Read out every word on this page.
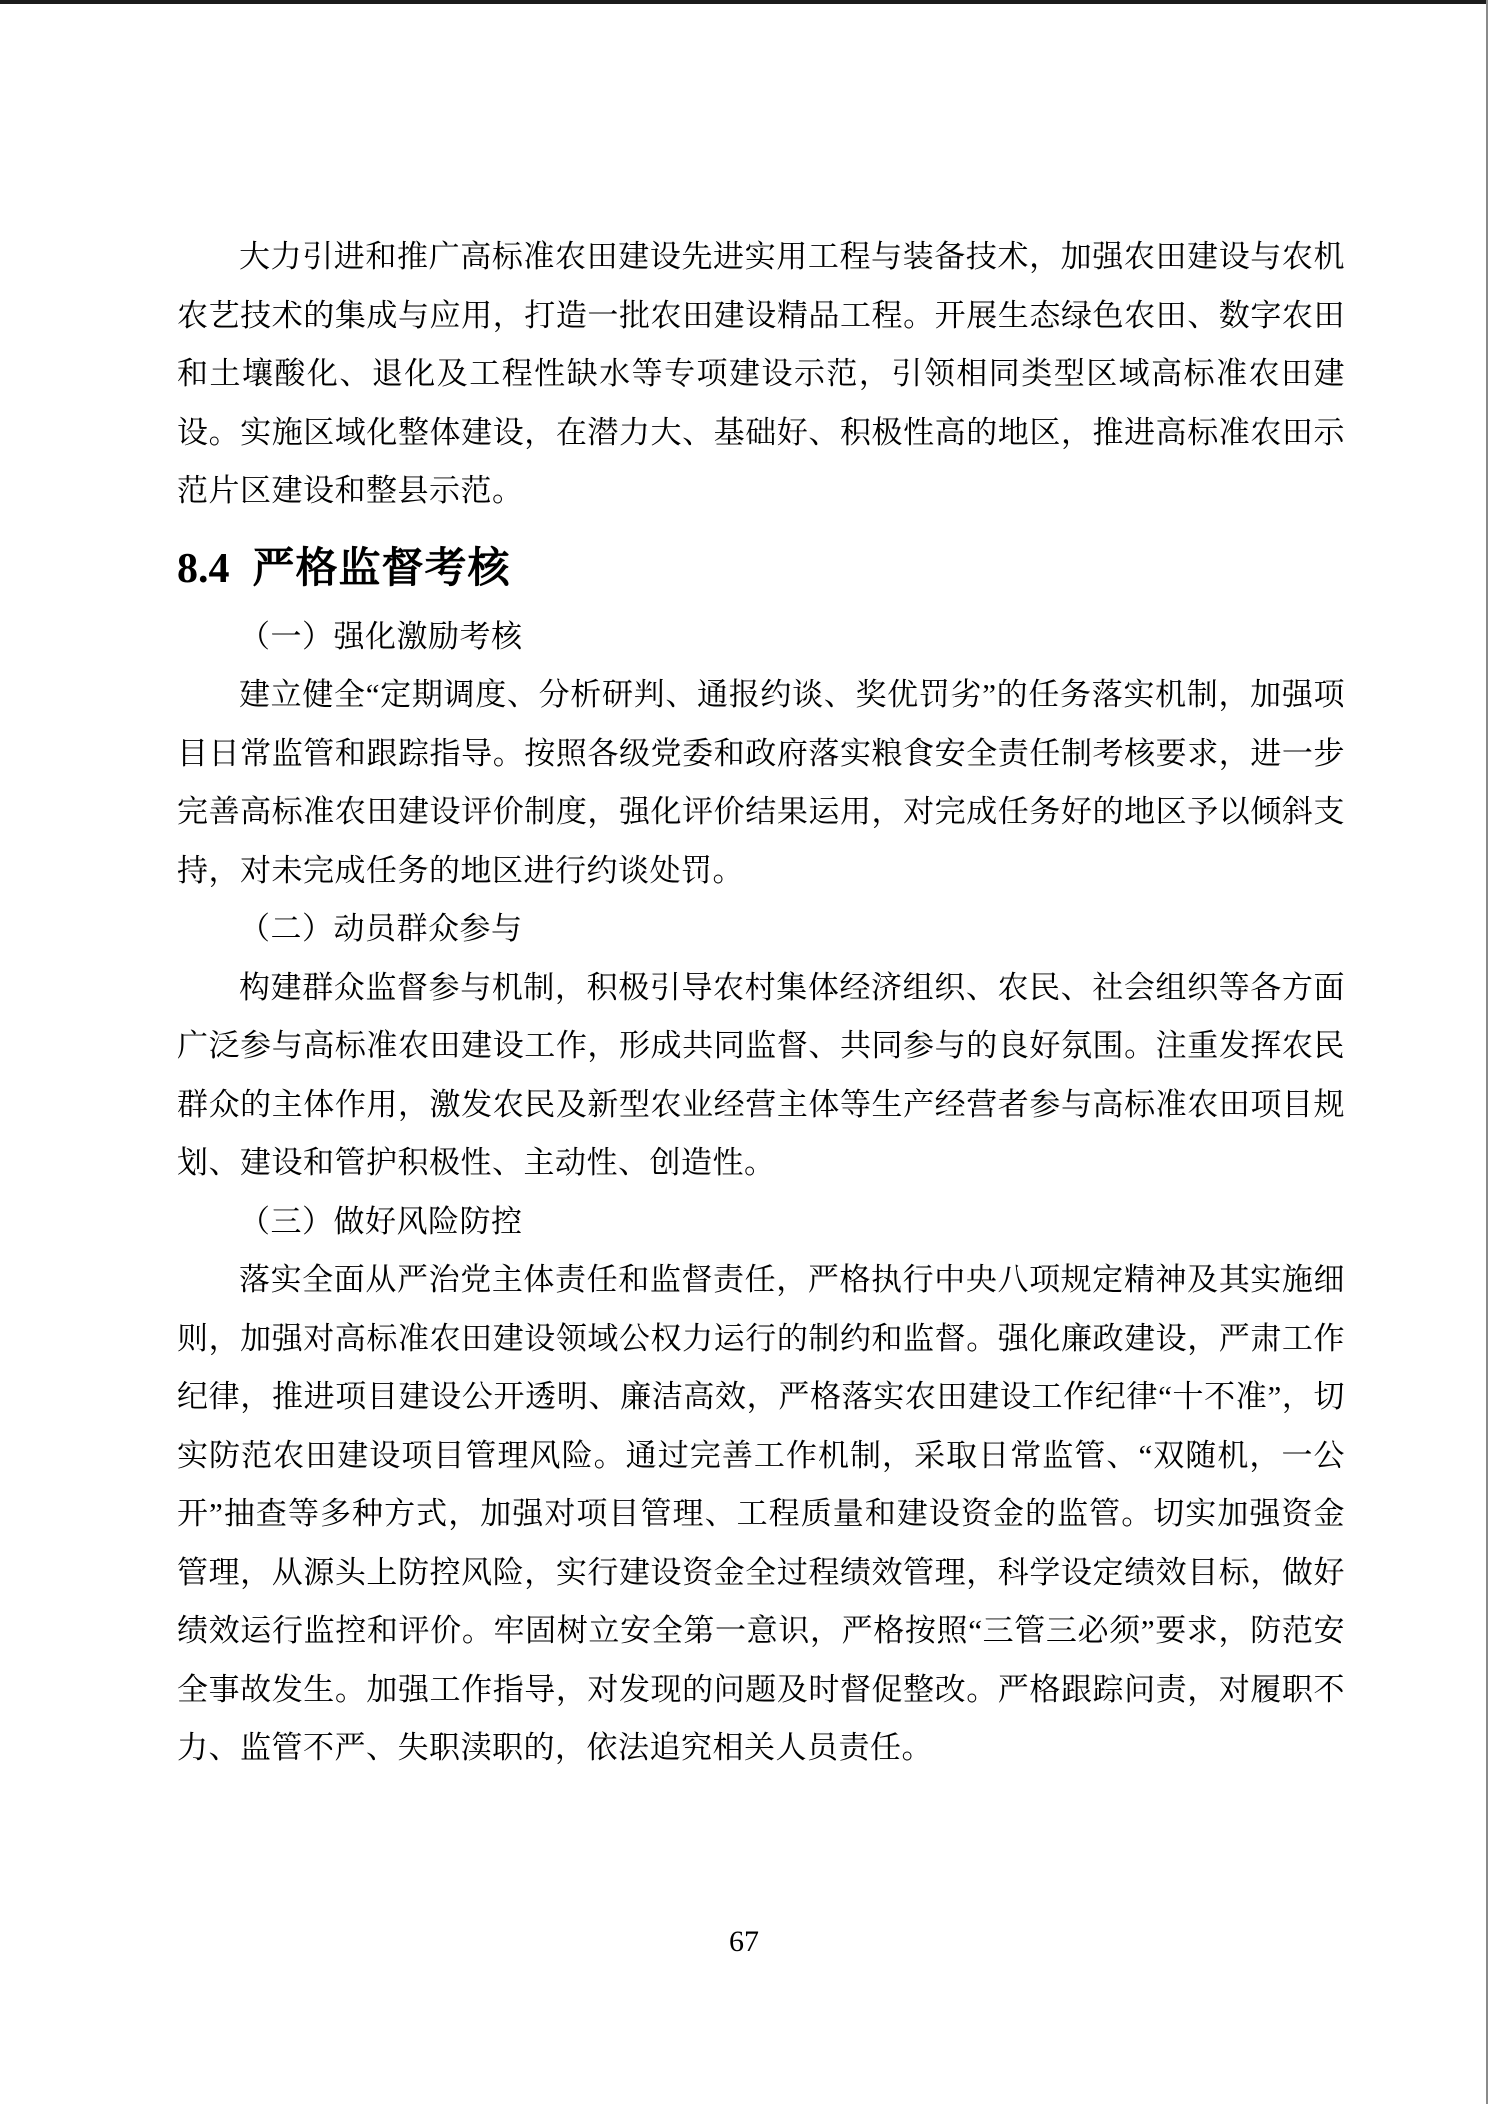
大力引进和推广高标准农田建设先进实用工程与装备技术，加强农田建设与农机农艺技术的集成与应用，打造一批农田建设精品工程。开展生态绿色农田、数字农田和土壤酸化、退化及工程性缺水等专项建设示范，引领相同类型区域高标准农田建设。实施区域化整体建设，在潜力大、基础好、积极性高的地区，推进高标准农田示范片区建设和整县示范。

8.4 严格监督考核

（一）强化激励考核

建立健全“定期调度、分析研判、通报约谈、奖优罚劣”的任务落实机制，加强项目日常监管和跟踪指导。按照各级党委和政府落实粮食安全责任制考核要求，进一步完善高标准农田建设评价制度，强化评价结果运用，对完成任务好的地区予以倾斜支持，对未完成任务的地区进行约谈处罚。

（二）动员群众参与

构建群众监督参与机制，积极引导农村集体经济组织、农民、社会组织等各方面广泛参与高标准农田建设工作，形成共同监督、共同参与的良好氛围。注重发挥农民群众的主体作用，激发农民及新型农业经营主体等生产经营者参与高标准农田项目规划、建设和管护积极性、主动性、创造性。

（三）做好风险防控

落实全面从严治党主体责任和监督责任，严格执行中央八项规定精神及其实施细则，加强对高标准农田建设领域公权力运行的制约和监督。强化廉政建设，严肃工作纪律，推进项目建设公开透明、廉洁高效，严格落实农田建设工作纪律“十不准”，切实防范农田建设项目管理风险。通过完善工作机制，采取日常监管、“双随机，一公开”抽查等多种方式，加强对项目管理、工程质量和建设资金的监管。切实加强资金管理，从源头上防控风险，实行建设资金全过程绩效管理，科学设定绩效目标，做好绩效运行监控和评价。牢固树立安全第一意识，严格按照“三管三必须”要求，防范安全事故发生。加强工作指导，对发现的问题及时督促整改。严格跟踪问责，对履职不力、监管不严、失职渎职的，依法追究相关人员责任。

67
